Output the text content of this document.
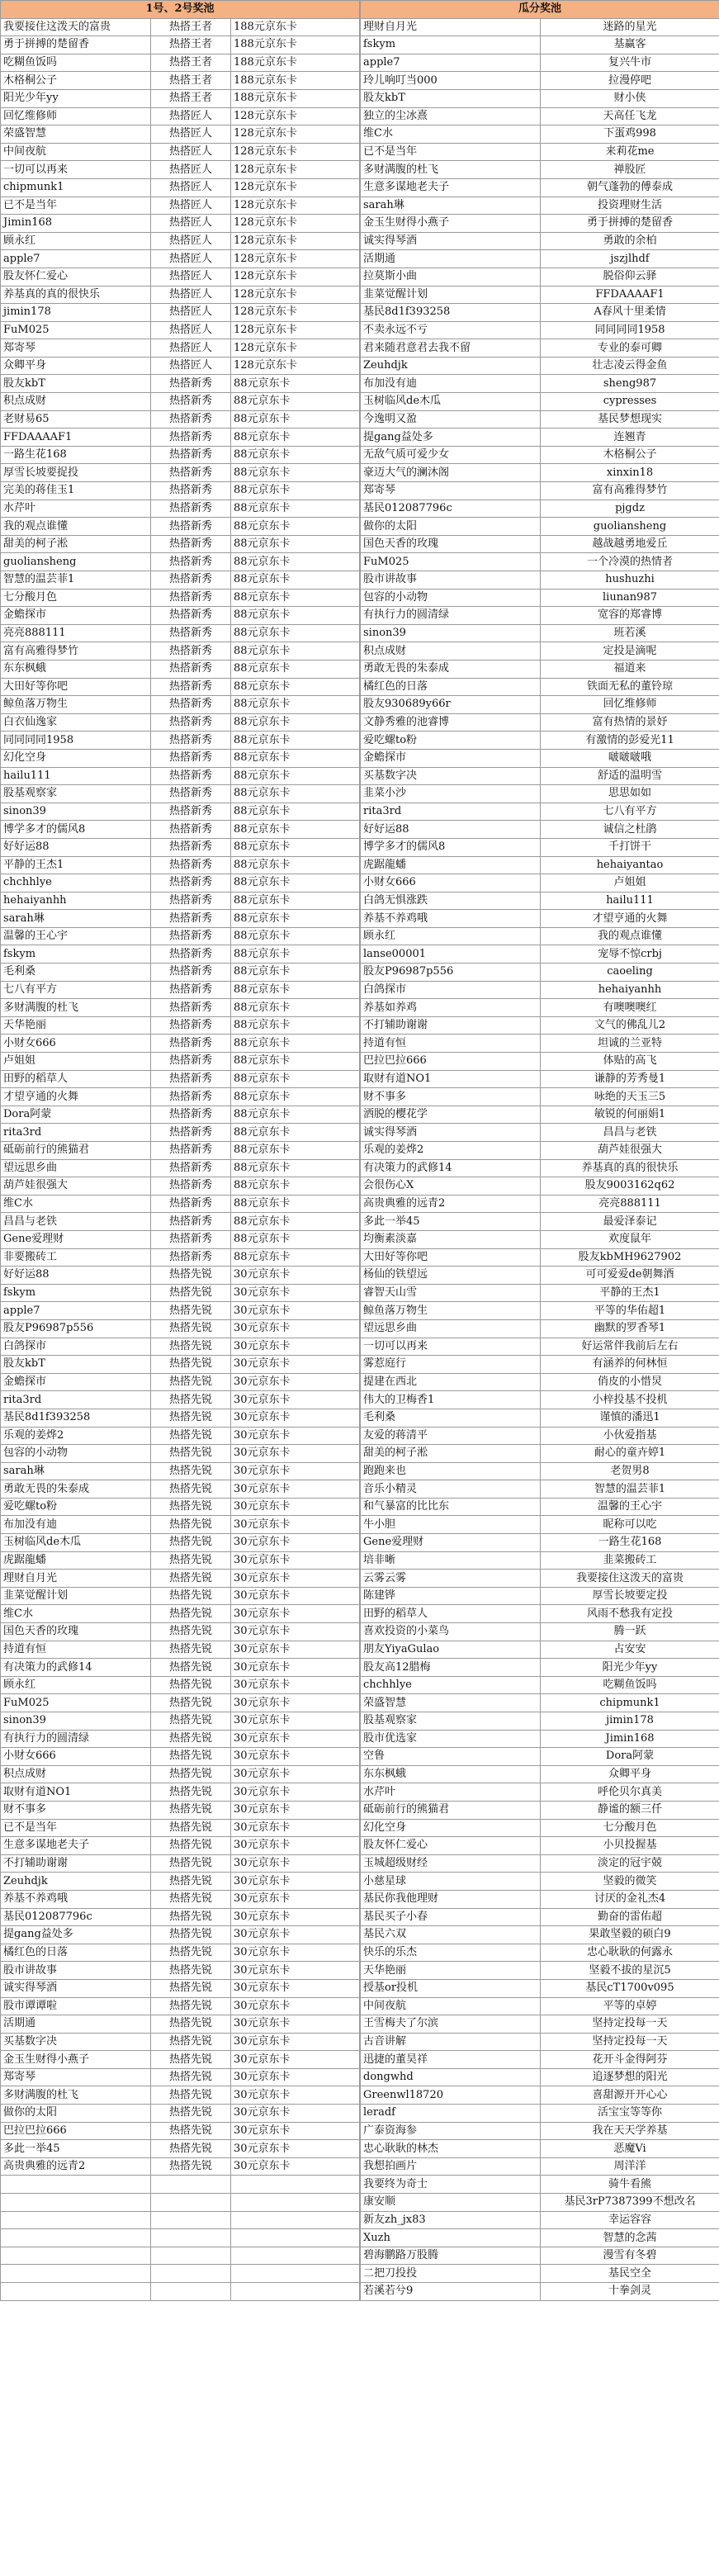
1号、2号奖池		
我要接住这泼天的富贵	热搭王者	188元京东卡
勇于拼搏的楚留香	热搭王者	188元京东卡
吃糊鱼饭吗	热搭王者	188元京东卡
木格桐公子	热搭王者	188元京东卡
阳光少年yy	热搭王者	188元京东卡
回忆维修师	热搭匠人	128元京东卡
荣盛智慧	热搭匠人	128元京东卡
中间夜航	热搭匠人	128元京东卡
一切可以再来	热搭匠人	128元京东卡
chipmunk1	热搭匠人	128元京东卡
已不是当年	热搭匠人	128元京东卡
Jimin168	热搭匠人	128元京东卡
顾永红	热搭匠人	128元京东卡
apple7	热搭匠人	128元京东卡
股友怀仁爱心	热搭匠人	128元京东卡
养基真的真的很快乐	热搭匠人	128元京东卡
jimin178	热搭匠人	128元京东卡
FuM025	热搭匠人	128元京东卡
郑寄琴	热搭匠人	128元京东卡
众卿平身	热搭匠人	128元京东卡
股友kbT	热搭新秀	88元京东卡
积点成财	热搭新秀	88元京东卡
老财易65	热搭新秀	88元京东卡
FFDAAAAF1	热搭新秀	88元京东卡
一路生花168	热搭新秀	88元京东卡
厚雪长坡要捉投	热搭新秀	88元京东卡
完美的蒋佳玉1	热搭新秀	88元京东卡
水芹叶	热搭新秀	88元京东卡
我的观点谁懂	热搭新秀	88元京东卡
甜美的柯子淞	热搭新秀	88元京东卡
guoliansheng	热搭新秀	88元京东卡
智慧的温芸菲1	热搭新秀	88元京东卡
七分酸月色	热搭新秀	88元京东卡
金蟾探市	热搭新秀	88元京东卡
亮亮888111	热搭新秀	88元京东卡
富有高雅得梦竹	热搭新秀	88元京东卡
东东枫蛾	热搭新秀	88元京东卡
大田好等你吧	热搭新秀	88元京东卡
鲸鱼落万物生	热搭新秀	88元京东卡
白衣仙逸家	热搭新秀	88元京东卡
同同同同1958	热搭新秀	88元京东卡
幻化空身	热搭新秀	88元京东卡
hailu111	热搭新秀	88元京东卡
股基观察家	热搭新秀	88元京东卡
sinon39	热搭新秀	88元京东卡
博学多才的儒风8	热搭新秀	88元京东卡
好好运88	热搭新秀	88元京东卡
平静的王杰1	热搭新秀	88元京东卡
chchhlye	热搭新秀	88元京东卡
hehaiyanhh	热搭新秀	88元京东卡
sarah琳	热搭新秀	88元京东卡
温馨的王心宇	热搭新秀	88元京东卡
fskym	热搭新秀	88元京东卡
毛利桑	热搭新秀	88元京东卡
七八有平方	热搭新秀	88元京东卡
多财满腹的杜飞	热搭新秀	88元京东卡
天华艳丽	热搭新秀	88元京东卡
小财女666	热搭新秀	88元京东卡
卢姐姐	热搭新秀	88元京东卡
田野的稻草人	热搭新秀	88元京东卡
才望亨通的火舞	热搭新秀	88元京东卡
Dora阿蒙	热搭新秀	88元京东卡
rita3rd	热搭新秀	88元京东卡
砥砺前行的熊猫君	热搭新秀	88元京东卡
望远思乡曲	热搭新秀	88元京东卡
葫芦娃很强大	热搭新秀	88元京东卡
维C水	热搭新秀	88元京东卡
昌昌与老铁	热搭新秀	88元京东卡
Gene爱理财	热搭新秀	88元京东卡
非要搬砖工	热搭新秀	88元京东卡
好好运88	热搭先锐	30元京东卡
fskym	热搭先锐	30元京东卡
apple7	热搭先锐	30元京东卡
股友P96987p556	热搭先锐	30元京东卡
白鸽探市	热搭先锐	30元京东卡
股友kbT	热搭先锐	30元京东卡
金蟾探市	热搭先锐	30元京东卡
rita3rd	热搭先锐	30元京东卡
基民8d1f393258	热搭先锐	30元京东卡
乐观的姜烨2	热搭先锐	30元京东卡
包容的小动物	热搭先锐	30元京东卡
sarah琳	热搭先锐	30元京东卡
勇敢无畏的朱泰成	热搭先锐	30元京东卡
爱吃螺to粉	热搭先锐	30元京东卡
布加没有迪	热搭先锐	30元京东卡
玉树临风de木瓜	热搭先锐	30元京东卡
虎踞龍蟠	热搭先锐	30元京东卡
理财自月光	热搭先锐	30元京东卡
韭菜觉醒计划	热搭先锐	30元京东卡
维C水	热搭先锐	30元京东卡
国色天香的玫瑰	热搭先锐	30元京东卡
持道有恒	热搭先锐	30元京东卡
有决策力的武修14	热搭先锐	30元京东卡
顾永红	热搭先锐	30元京东卡
FuM025	热搭先锐	30元京东卡
sinon39	热搭先锐	30元京东卡
有执行力的圆清绿	热搭先锐	30元京东卡
小财女666	热搭先锐	30元京东卡
积点成财	热搭先锐	30元京东卡
取财有道NO1	热搭先锐	30元京东卡
财不事多	热搭先锐	30元京东卡
已不是当年	热搭先锐	30元京东卡
生意多谋地老夫子	热搭先锐	30元京东卡
不打辅助谢谢	热搭先锐	30元京东卡
Zeuhdjk	热搭先锐	30元京东卡
养基不养鸡哦	热搭先锐	30元京东卡
基民012087796c	热搭先锐	30元京东卡
提gang益处多	热搭先锐	30元京东卡
橘红色的日落	热搭先锐	30元京东卡
股市讲故事	热搭先锐	30元京东卡
诚实得琴酒	热搭先锐	30元京东卡
股市谭谭啦	热搭先锐	30元京东卡
活期通	热搭先锐	30元京东卡
买基数字决	热搭先锐	30元京东卡
金玉生财得小燕子	热搭先锐	30元京东卡
郑寄琴	热搭先锐	30元京东卡
多财满腹的杜飞	热搭先锐	30元京东卡
做你的太阳	热搭先锐	30元京东卡
巴拉巴拉666	热搭先锐	30元京东卡
多此一举45	热搭先锐	30元京东卡
高贵典雅的远青2	热搭先锐	30元京东卡

瓜分奖池	
理财自月光	迷路的星光
fskym	基赢客
apple7	复兴牛市
玲儿响叮当000	拉漫停吧
股友kbT	财小侠
独立的尘冰熹	天高任飞龙
维C水	下蛋鸡998
已不是当年	来莉花me
多财满腹的杜飞	禅股匠
生意多谋地老夫子	朝气蓬勃的傅泰成
sarah琳	投资理财生活
金玉生财得小燕子	勇于拼搏的楚留香
诚实得琴酒	勇敢的余柏
活期通	jszjlhdf
拉莫斯小曲	脱俗仰云驿
韭菜觉醒计划	FFDAAAAF1
基民8d1f393258	A春风十里柔情
不卖永远不亏	同同同同1958
君来随君意君去我不留	专业的泰可卿
Zeuhdjk	壮志凌云得金鱼
布加没有迪	sheng987
玉树临风de木瓜	cypresses
今逸明又盈	基民梦想现实
提gang益处多	连翘青
无敌气质可爱少女	木格桐公子
豪迈大气的澜沐阁	xinxin18
郑寄琴	富有高雅得梦竹
基民012087796c	pjgdz
做你的太阳	guoliansheng
国色天香的玫瑰	越战越勇地爱丘
FuM025	一个冷漠的热情者
股市讲故事	hushuzhi
包容的小动物	liunan987
有执行力的圆清绿	宽容的郑睿博
sinon39	班若溪
积点成财	定投是滴呢
勇敢无畏的朱泰成	福道来
橘红色的日落	铁面无私的董铃琼
股友930689y66r	回忆维修师
文静秀雅的池睿博	富有热情的景妤
爱吃螺to粉	有激情的彭爱光11
金蟾探市	啵啵啵哦
买基数字决	舒适的温明雪
韭菜小沙	思思如如
rita3rd	七八有平方
好好运88	诚信之杜鹃
博学多才的儒风8	千打饼干
虎踞龍蟠	hehaiyantao
小财女666	卢姐姐
白鸽无惧涨跌	hailu111
养基不养鸡哦	才望亨通的火舞
顾永红	我的观点谁懂
lanse00001	宠辱不惊crbj
股友P96987p556	caoeling
白鸽探市	hehaiyanhh
养基如养鸡	有噢噢噢红
不打辅助谢谢	文气的佛乱儿2
持道有恒	坦诚的兰亚特
巴拉巴拉666	体贴的高飞
取财有道NO1	谦静的芳秀曼1
财不事多	咏绝的天玉三5
洒脱的樱花学	敏锐的何丽娟1
诚实得琴酒	昌昌与老铁
乐观的姜烨2	葫芦娃很强大
有决策力的武修14	养基真的真的很快乐
会很伤心X	股友9003162q62
高贵典雅的远青2	亮亮888111
多此一举45	最爱泽泰记
均衡素淡嘉	欢度鼠年
大田好等你吧	股友kbMH9627902
杨仙的铁望远	可可爱爱de朝舞酒
睿智天山雪	平静的王杰1
鲸鱼落万物生	平等的华佑超1
望远思乡曲	幽默的罗香琴1
一切可以再来	好运常伴我前后左右
雾惹庭行	有涵养的何林恒
提建在西北	俏皮的小惜炅
伟大的卫梅香1	小梓投基不投机
毛利桑	谨慎的潘迅1
友爱的蒋清平	小伙爱指基
甜美的柯子淞	耐心的童卉婷1
跑跑来也	老贺男8
音乐小精灵	智慧的温芸菲1
和气暴富的比比东	温馨的王心宇
牛小胆	昵称可以吃
Gene爱理财	一路生花168
培非晰	韭菜搬砖工
云雾云雾	我要接住这泼天的富贵
陈建铧	厚雪长坡要定投
田野的稻草人	风雨不愁我有定投
喜欢投资的小菜鸟	腾一跃
朋友YiyaGulao	占安安
股友高12腊梅	阳光少年yy
chchhlye	吃糊鱼饭吗
荣盛智慧	chipmunk1
股基观察家	jimin178
股市优选家	Jimin168
空鲁	Dora阿蒙
东东枫蛾	众卿平身
水芹叶	呼伦贝尔真美
砥砺前行的熊猫君	静谧的额三仟
幻化空身	七分酸月色
股友怀仁爱心	小贝投握基
玉城超级财经	淡定的冠宇兢
小慈星球	坚毅的微笑
基民你我他理财	讨厌的金礼杰4
基民买子小春	勤奋的雷佑超
基民六双	果敢坚毅的硕白9
快乐的乐杰	忠心耿耿的何露永
天华艳丽	坚毅不拔的星沉5
授基or投机	基民cT1700v095
中间夜航	平等的卓婷
王雪梅夫了尔滨	坚持定投每一天
古音讲解	坚持定投每一天
迅捷的董昊祥	花开斗金得阿芬
dongwhd	追逐梦想的阳光
Greenwl18720	喜甜源开开心心
leradf	活宝宝等等你
广泰资海参	我在天天学养基
忠心耿耿的林杰	恶魔Vi
我想拍画片	周洋洋
我要终为奇士	骑牛看熊
康安顺	基民3rP7387399不想改名
新友zh_jx83	幸运容容
Xuzh	智慧的念茜
碧海鹏路万股腾	漫雪有冬碧
二把刀投投	基民空全
若溪若兮9	十拳剑灵
